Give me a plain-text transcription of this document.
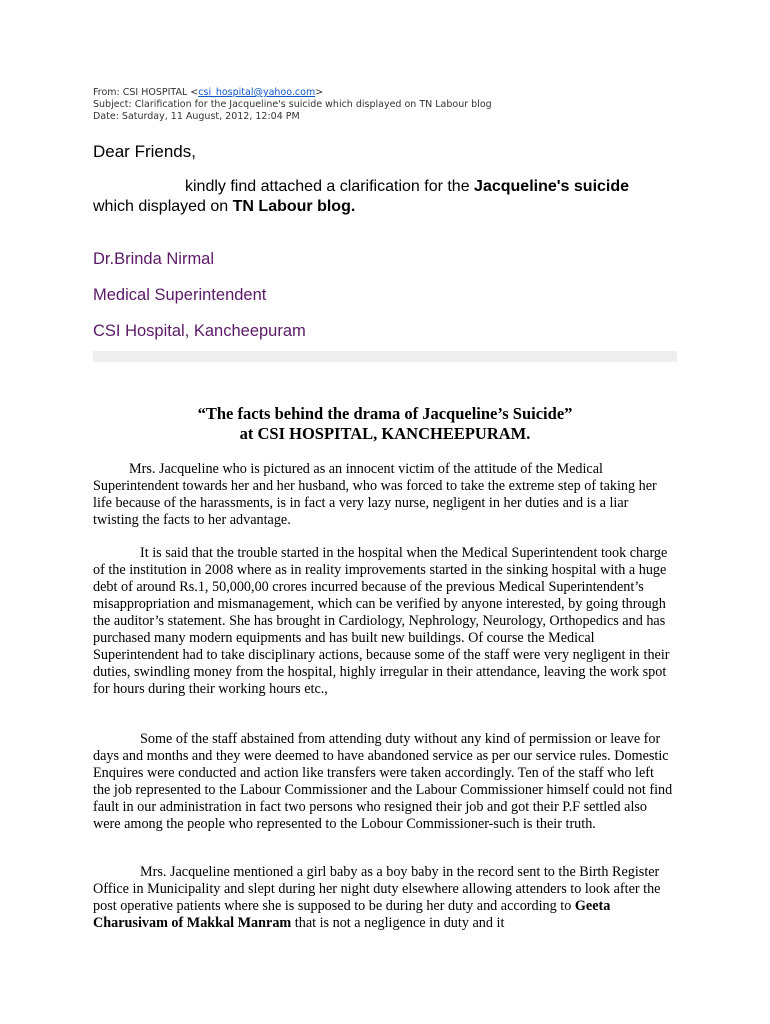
From: CSI HOSPITAL <csi_hospital@yahoo.com>
Subject: Clarification for the Jacqueline's suicide which displayed on TN Labour blog
Date: Saturday, 11 August, 2012, 12:04 PM
Dear Friends,
kindly find attached a clarification for the Jacqueline's suicide which displayed on TN Labour blog.
Dr.Brinda Nirmal
Medical Superintendent
CSI Hospital, Kancheepuram
“The facts behind the drama of Jacqueline’s Suicide”
at CSI HOSPITAL, KANCHEEPURAM.
Mrs. Jacqueline who is pictured as an innocent victim of the attitude of the Medical Superintendent towards her and her husband, who was forced to take the extreme step of taking her life because of the harassments, is in fact a very lazy nurse, negligent in her duties and is a liar twisting the facts to her advantage.
It is said that the trouble started in the hospital when the Medical Superintendent took charge of the institution in 2008 where as in reality improvements started in the sinking hospital with a huge debt of around Rs.1, 50,000,00 crores incurred because of the previous Medical Superintendent’s misappropriation and mismanagement, which can be verified by anyone interested, by going through the auditor’s statement. She has brought in Cardiology, Nephrology, Neurology, Orthopedics and has purchased many modern equipments and has built new buildings. Of course the Medical Superintendent had to take disciplinary actions, because some of the staff were very negligent in their duties, swindling money from the hospital, highly irregular in their attendance, leaving the work spot for hours during their working hours etc.,
Some of the staff abstained from attending duty without any kind of permission or leave for days and months and they were deemed to have abandoned service as per our service rules. Domestic Enquires were conducted and action like transfers were taken accordingly. Ten of the staff who left the job represented to the Labour Commissioner and the Labour Commissioner himself could not find fault in our administration in fact two persons who resigned their job and got their P.F settled also were among the people who represented to the Lobour Commissioner-such is their truth.
Mrs. Jacqueline mentioned a girl baby as a boy baby in the record sent to the Birth Register Office in Municipality and slept during her night duty elsewhere allowing attenders to look after the post operative patients where she is supposed to be during her duty and according to Geeta Charusivam of Makkal Manram that is not a negligence in duty and it
